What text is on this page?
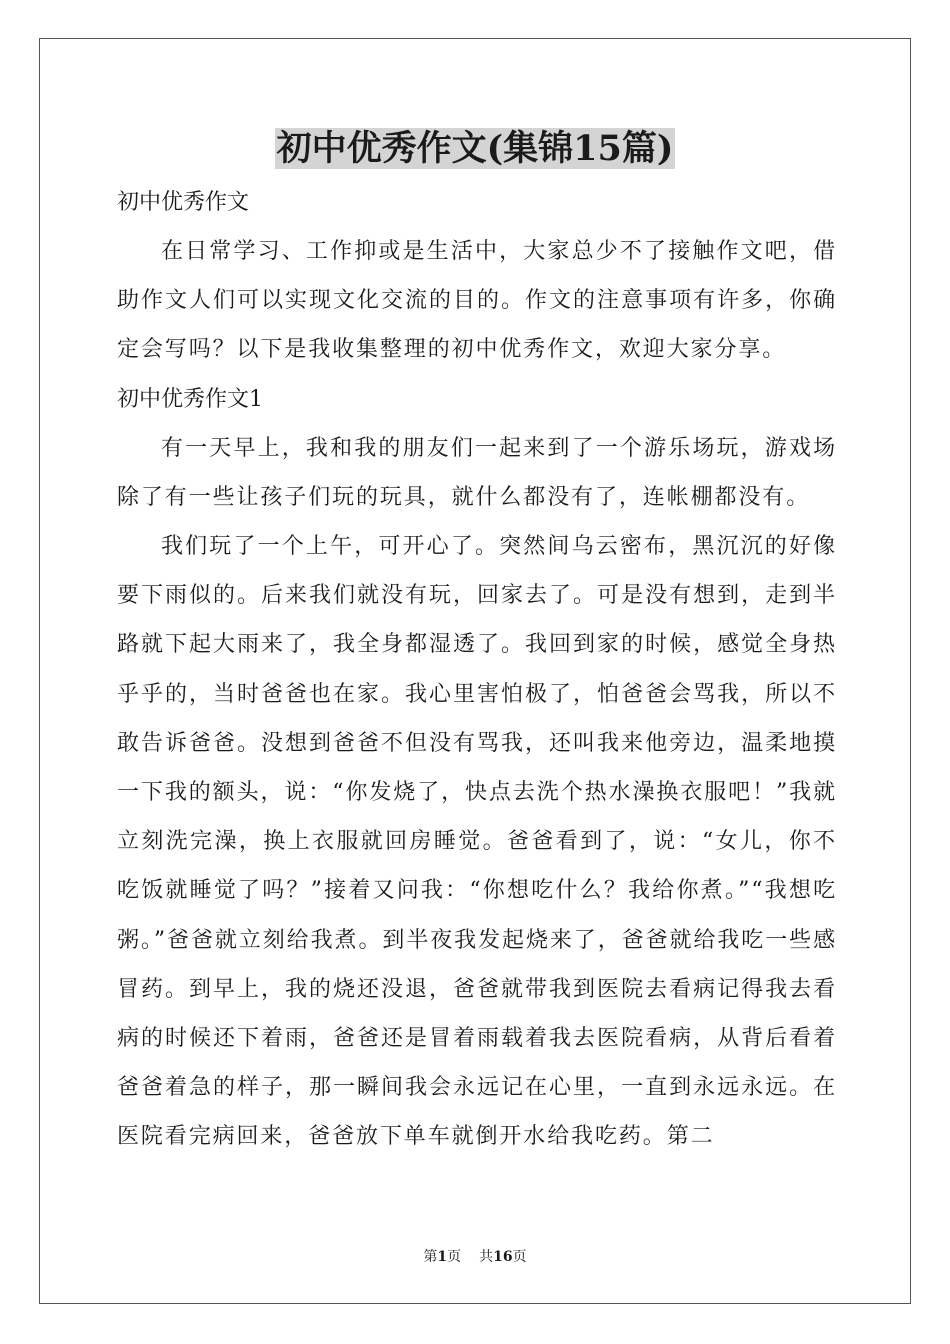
初中优秀作文(集锦15篇)
初中优秀作文

在日常学习、工作抑或是生活中，大家总少不了接触作文吧，借助作文人们可以实现文化交流的目的。作文的注意事项有许多，你确定会写吗？以下是我收集整理的初中优秀作文，欢迎大家分享。

初中优秀作文1

有一天早上，我和我的朋友们一起来到了一个游乐场玩，游戏场除了有一些让孩子们玩的玩具，就什么都没有了，连帐棚都没有。

我们玩了一个上午，可开心了。突然间乌云密布，黑沉沉的好像要下雨似的。后来我们就没有玩，回家去了。可是没有想到，走到半路就下起大雨来了，我全身都湿透了。我回到家的时候，感觉全身热乎乎的，当时爸爸也在家。我心里害怕极了，怕爸爸会骂我，所以不敢告诉爸爸。没想到爸爸不但没有骂我，还叫我来他旁边，温柔地摸一下我的额头，说：“你发烧了，快点去洗个热水澡换衣服吧！”我就立刻洗完澡，换上衣服就回房睡觉。爸爸看到了，说：“女儿，你不吃饭就睡觉了吗？”接着又问我：“你想吃什么？我给你煮。”“我想吃粥。”爸爸就立刻给我煮。到半夜我发起烧来了，爸爸就给我吃一些感冒药。到早上，我的烧还没退，爸爸就带我到医院去看病记得我去看病的时候还下着雨，爸爸还是冒着雨载着我去医院看病，从背后看着爸爸着急的样子，那一瞬间我会永远记在心里，一直到永远永远。在医院看完病回来，爸爸放下单车就倒开水给我吃药。第二

第1页 共16页
